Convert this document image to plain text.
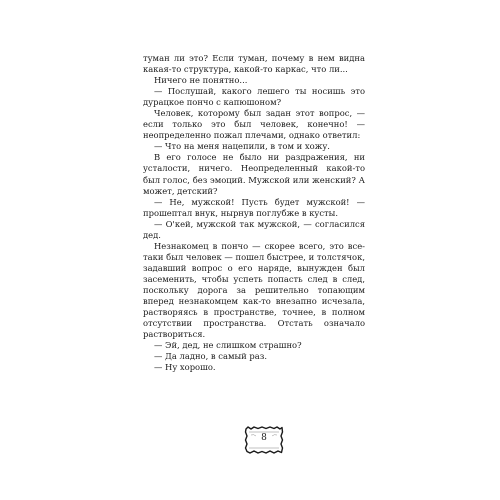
туман ли это? Если туман, почему в нем видна какая-то структура, какой-то каркас, что ли...

Ничего не понятно...

— Послушай, какого лешего ты носишь это дурацкое пончо с капюшоном?

Человек, которому был задан этот вопрос, — если только это был человек, конечно! — неопределенно пожал плечами, однако ответил:

— Что на меня нацепили, в том и хожу.

В его голосе не было ни раздражения, ни усталости, ничего. Неопределенный какой-то был голос, без эмоций. Мужской или женский? А может, детский?

— Не, мужской! Пусть будет мужской! — прошептал внук, нырнув поглубже в кусты.

— О'кей, мужской так мужской, — согласился дед.

Незнакомец в пончо — скорее всего, это все-таки был человек — пошел быстрее, и толстячок, задавший вопрос о его наряде, вынужден был засеменить, чтобы успеть попасть след в след, поскольку дорога за решительно топающим вперед незнакомцем как-то внезапно исчезала, растворяясь в пространстве, точнее, в полном отсутствии пространства. Отстать означало раствориться.

— Эй, дед, не слишком страшно?

— Да ладно, в самый раз.

— Ну хорошо.

8
